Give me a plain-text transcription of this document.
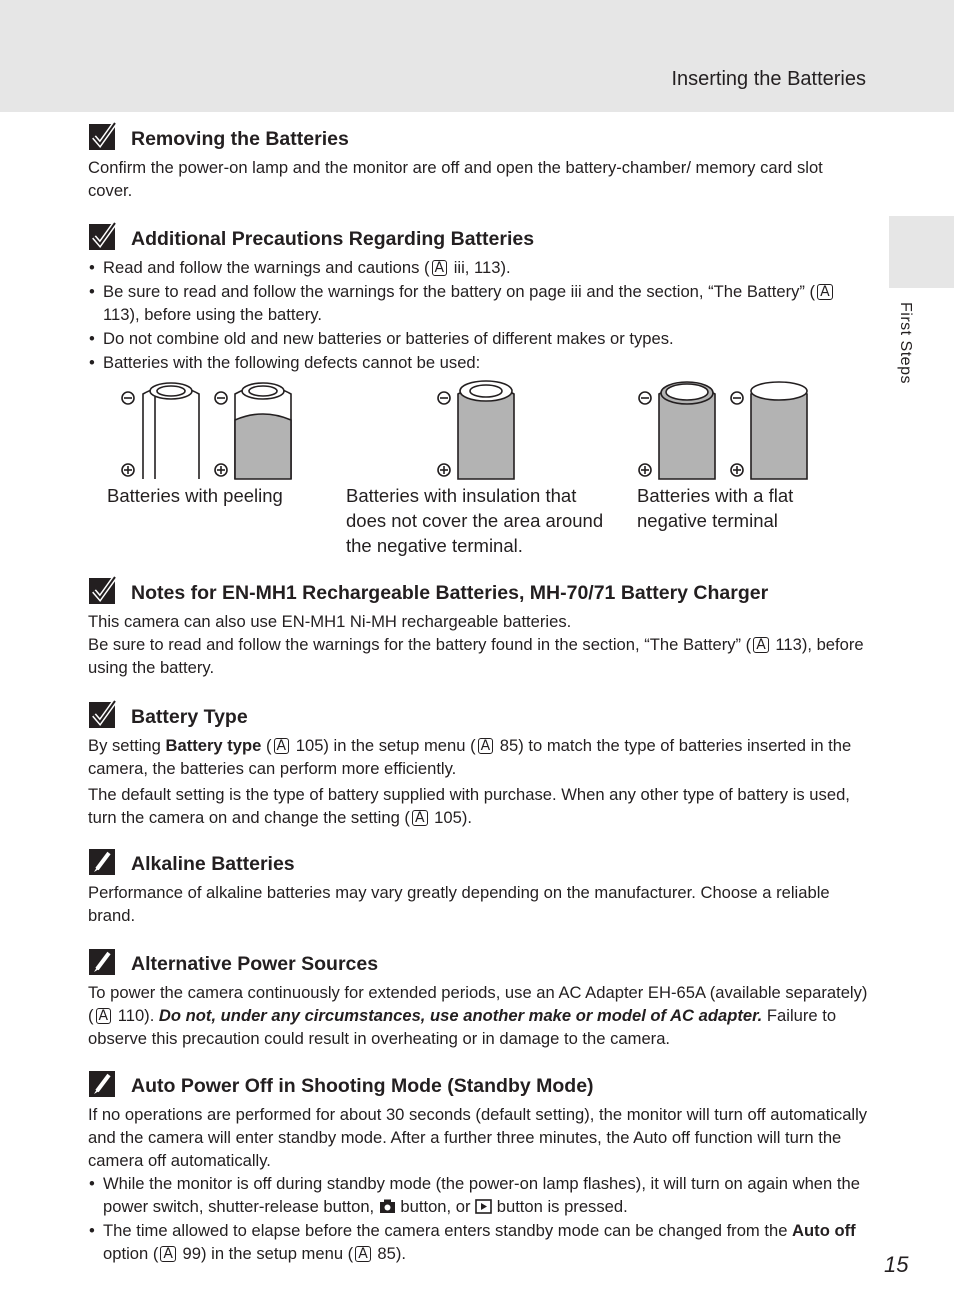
Inserting the Batteries
First Steps
Removing the Batteries

Confirm the power-on lamp and the monitor are off and open the battery-chamber/ memory card slot cover.

Additional Precautions Regarding Batteries
• Read and follow the warnings and cautions ( A iii, 113).
• Be sure to read and follow the warnings for the battery on page iii and the section, “The Battery” ( A 113), before using the battery.
• Do not combine old and new batteries or batteries of different makes or types.
• Batteries with the following defects cannot be used:
Batteries with peeling	Batteries with insulation that does not cover the area around the negative terminal.
Batteries with a flat negative terminal
Notes for EN-MH1 Rechargeable Batteries, MH-70/71 Battery Charger

This camera can also use EN-MH1 Ni-MH rechargeable batteries.
Be sure to read and follow the warnings for the battery found in the section, “The Battery” ( A 113), before using the battery.

Battery Type

By setting Battery type ( A 105) in the setup menu ( A 85) to match the type of batteries inserted in the camera, the batteries can perform more efficiently.

The default setting is the type of battery supplied with purchase. When any other type of battery is used, turn the camera on and change the setting ( A 105).

Alkaline Batteries

Performance of alkaline batteries may vary greatly depending on the manufacturer. Choose a reliable brand.

Alternative Power Sources

To power the camera continuously for extended periods, use an AC Adapter EH-65A (available separately) ( A 110). Do not, under any circumstances, use another make or model of AC adapter. Failure to observe this precaution could result in overheating or in damage to the camera.

Auto Power Off in Shooting Mode (Standby Mode)

If no operations are performed for about 30 seconds (default setting), the monitor will turn off automatically and the camera will enter standby mode. After a further three minutes, the Auto off function will turn the camera off automatically.

• While the monitor is off during standby mode (the power-on lamp flashes), it will turn on again when the power switch, shutter-release button,  button, or  button is pressed.
• The time allowed to elapse before the camera enters standby mode can be changed from the Auto off option ( A 99) in the setup menu ( A 85).	15
